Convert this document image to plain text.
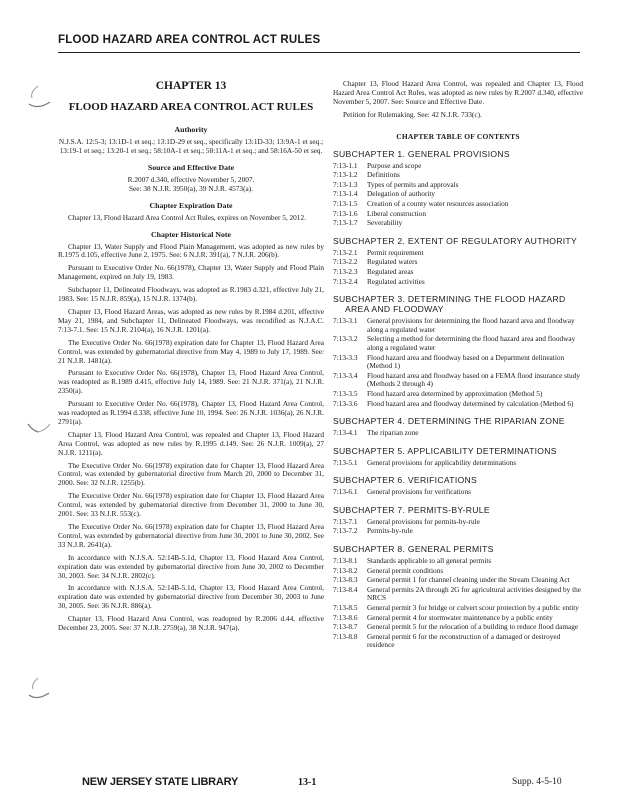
FLOOD HAZARD AREA CONTROL ACT RULES
CHAPTER 13
FLOOD HAZARD AREA CONTROL ACT RULES
Authority
N.J.S.A. 12:5-3; 13:1D-1 et seq.; 13:1D-29 et seq., specifically 13:1D-33; 13:9A-1 et seq.; 13:19-1 et seq.; 13:20-1 et seq.; 58:10A-1 et seq.; 58:11A-1 et seq.; and 58:16A-50 et seq.
Source and Effective Date
R.2007 d.340, effective November 5, 2007.
See: 38 N.J.R. 3950(a), 39 N.J.R. 4573(a).
Chapter Expiration Date
Chapter 13, Flood Hazard Area Control Act Rules, expires on November 5, 2012.
Chapter Historical Note
Chapter 13, Water Supply and Flood Plain Management, was adopted as new rules by R.1975 d.105, effective June 2, 1975. See: 6 N.J.R. 391(a), 7 N.J.R. 206(b).
Pursuant to Executive Order No. 66(1978), Chapter 13, Water Supply and Flood Plain Management, expired on July 19, 1983.
Subchapter 11, Delineated Floodways, was adopted as R.1983 d.321, effective July 21, 1983. See: 15 N.J.R. 859(a), 15 N.J.R. 1374(b).
Chapter 13, Flood Hazard Areas, was adopted as new rules by R.1984 d.201, effective May 21, 1984, and Subchapter 11, Delineated Floodways, was recodified as N.J.A.C. 7:13-7.1. See: 15 N.J.R. 2104(a), 16 N.J.R. 1201(a).
The Executive Order No. 66(1978) expiration date for Chapter 13, Flood Hazard Area Control, was extended by gubernatorial directive from May 4, 1989 to July 17, 1989. See: 21 N.J.R. 1481(a).
Pursuant to Executive Order No. 66(1978), Chapter 13, Flood Hazard Area Control, was readopted as R.1989 d.415, effective July 14, 1989. See: 21 N.J.R. 371(a), 21 N.J.R. 2350(a).
Pursuant to Executive Order No. 66(1978), Chapter 13, Flood Hazard Area Control, was readopted as R.1994 d.338, effective June 10, 1994. See: 26 N.J.R. 1036(a), 26 N.J.R. 2791(a).
Chapter 13, Flood Hazard Area Control, was repealed and Chapter 13, Flood Hazard Area Control, was adopted as new rules by R.1995 d.149. See: 26 N.J.R. 1009(a), 27 N.J.R. 1211(a).
The Executive Order No. 66(1978) expiration date for Chapter 13, Flood Hazard Area Control, was extended by gubernatorial directive from March 20, 2000 to December 31, 2000. See: 32 N.J.R. 1255(b).
The Executive Order No. 66(1978) expiration date for Chapter 13, Flood Hazard Area Control, was extended by gubernatorial directive from December 31, 2000 to June 30, 2001. See: 33 N.J.R. 553(c).
The Executive Order No. 66(1978) expiration date for Chapter 13, Flood Hazard Area Control, was extended by gubernatorial directive from June 30, 2001 to June 30, 2002. See 33 N.J.R. 2641(a).
In accordance with N.J.S.A. 52:14B-5.1d, Chapter 13, Flood Hazard Area Control, expiration date was extended by gubernatorial directive from June 30, 2002 to December 30, 2003. See: 34 N.J.R. 2802(c).
In accordance with N.J.S.A. 52:14B-5.1d, Chapter 13, Flood Hazard Area Control, expiration date was extended by gubernatorial directive from December 30, 2003 to June 30, 2005. See: 36 N.J.R. 886(a).
Chapter 13, Flood Hazard Area Control, was readopted by R.2006 d.44, effective December 23, 2005. See: 37 N.J.R. 2759(a), 38 N.J.R. 947(a).
Chapter 13, Flood Hazard Area Control, was repealed and Chapter 13, Flood Hazard Area Control Act Rules, was adopted as new rules by R.2007 d.340, effective November 5, 2007. See: Source and Effective Date.
Petition for Rulemaking. See: 42 N.J.R. 733(c).
CHAPTER TABLE OF CONTENTS
SUBCHAPTER 1. GENERAL PROVISIONS
7:13-1.1	Purpose and scope
7:13-1.2	Definitions
7:13-1.3	Types of permits and approvals
7:13-1.4	Delegation of authority
7:13-1.5	Creation of a county water resources association
7:13-1.6	Liberal construction
7:13-1.7	Severability
SUBCHAPTER 2. EXTENT OF REGULATORY AUTHORITY
7:13-2.1	Permit requirement
7:13-2.2	Regulated waters
7:13-2.3	Regulated areas
7:13-2.4	Regulated activities
SUBCHAPTER 3. DETERMINING THE FLOOD HAZARD AREA AND FLOODWAY
7:13-3.1	General provisions for determining the flood hazard area and floodway along a regulated water
7:13-3.2	Selecting a method for determining the flood hazard area and floodway along a regulated water
7:13-3.3	Flood hazard area and floodway based on a Department delineation (Method 1)
7:13-3.4	Flood hazard area and floodway based on a FEMA flood insurance study (Methods 2 through 4)
7:13-3.5	Flood hazard area determined by approximation (Method 5)
7:13-3.6	Flood hazard area and floodway determined by calculation (Method 6)
SUBCHAPTER 4. DETERMINING THE RIPARIAN ZONE
7:13-4.1	The riparian zone
SUBCHAPTER 5. APPLICABILITY DETERMINATIONS
7:13-5.1	General provisions for applicability determinations
SUBCHAPTER 6. VERIFICATIONS
7:13-6.1	General provisions for verifications
SUBCHAPTER 7. PERMITS-BY-RULE
7:13-7.1	General provisions for permits-by-rule
7:13-7.2	Permits-by-rule
SUBCHAPTER 8. GENERAL PERMITS
7:13-8.1	Standards applicable to all general permits
7:13-8.2	General permit conditions
7:13-8.3	General permit 1 for channel cleaning under the Stream Cleaning Act
7:13-8.4	General permits 2A through 2G for agricultural activities designed by the NRCS
7:13-8.5	General permit 3 for bridge or culvert scour protection by a public entity
7:13-8.6	General permit 4 for stormwater maintenance by a public entity
7:13-8.7	General permit 5 for the relocation of a building to reduce flood damage
7:13-8.8	General permit 6 for the reconstruction of a damaged or destroyed residence
NEW JERSEY STATE LIBRARY	13-1	Supp. 4-5-10
